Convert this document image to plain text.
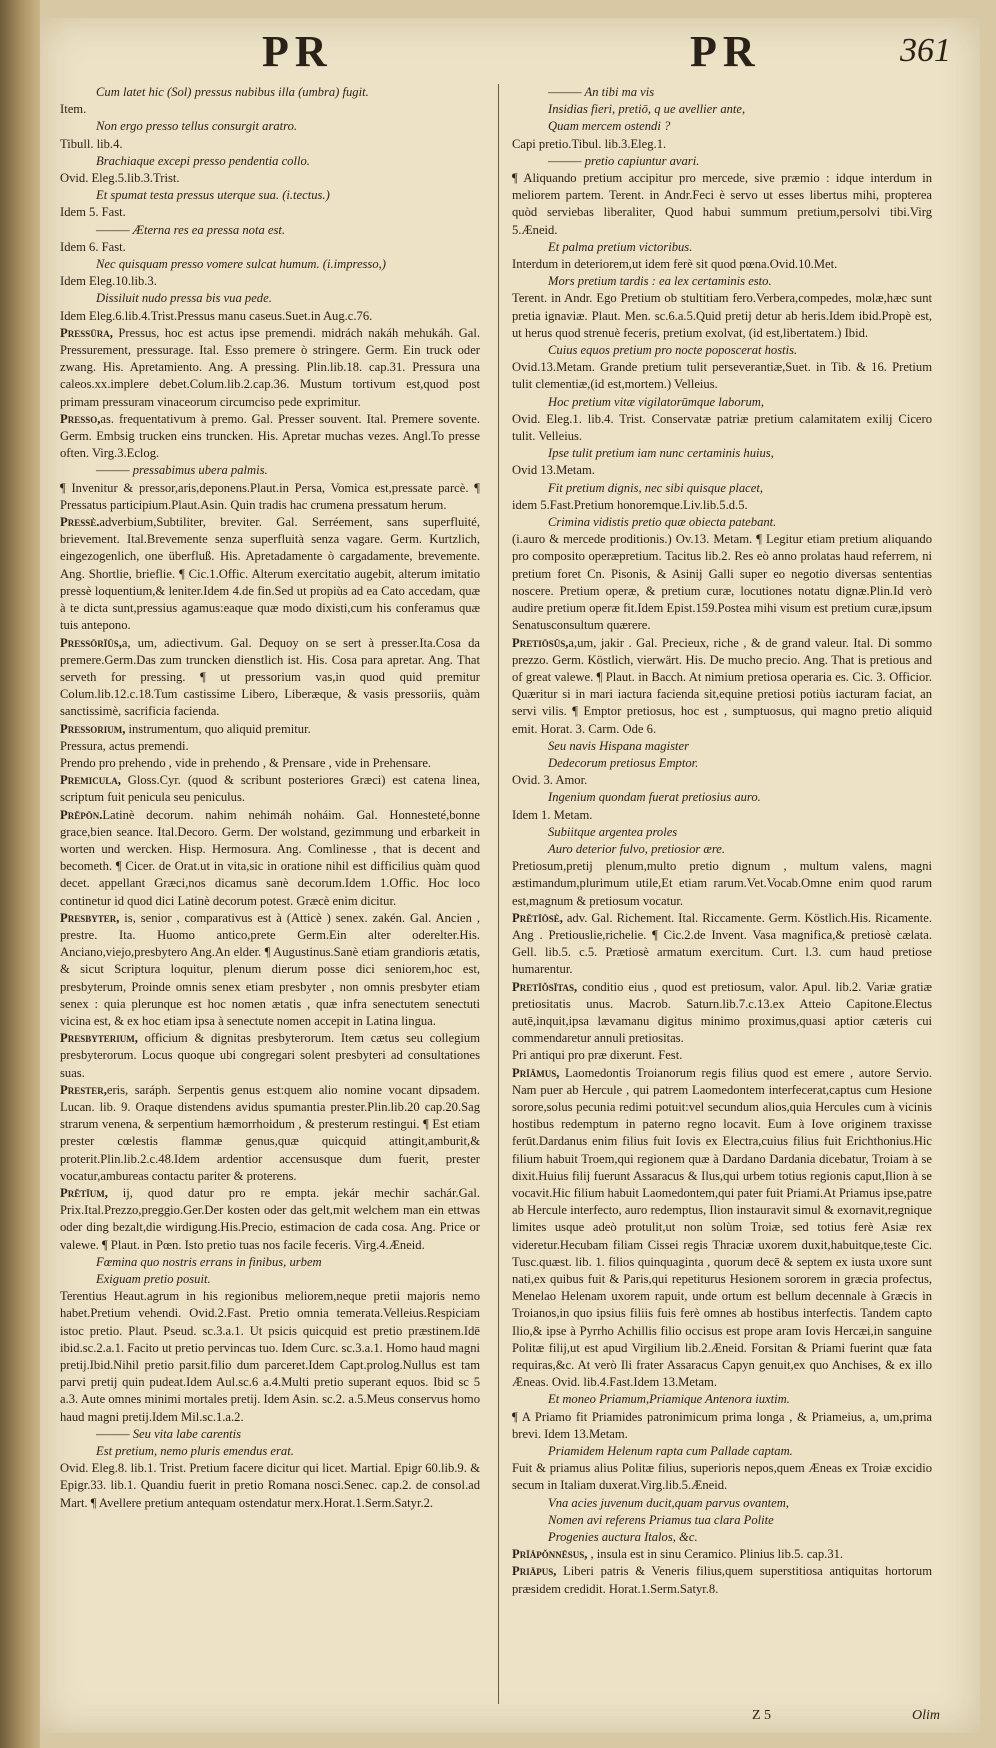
PR	PR	361

Cum latet hic (Sol) pressus nubibus illa (umbra) fugit.

Item.

Non ergo presso tellus consurgit aratro.

Tibull. lib.4.

Brachiaque excepi presso pendentia collo.

Ovid. Eleg.5.lib.3.Trist.

Et spumat testa pressus uterque sua. (i.tectus.)

Idem 5. Fast.

——— Æterna res ea pressa nota est.

Idem 6. Fast.

Nec quisquam presso vomere sulcat humum. (i.impresso,)

Idem Eleg.10.lib.3.

Dissiluit nudo pressa bis vua pede.

Idem Eleg.6.lib.4.Trist.Pressus manu caseus.Suet.in Aug.c.76.

Pressūra, Pressus, hoc est actus ipse premendi. midrách nakáh mehukáh. Gal. Pressurement, pressurage. Ital. Esso premere ò stringere. Germ. Ein truck oder zwang. His. Apretamiento. Ang. A pressing. Plin.lib.18. cap.31. Pressura una caleos.xx.implere debet.Colum.lib.2.cap.36. Mustum tortivum est,quod post primam pressuram vinaceorum circumciso pede exprimitur.

Presso,as. frequentativum à premo. Gal. Presser souvent. Ital. Premere sovente. Germ. Embsig trucken eins truncken. His. Apretar muchas vezes. Angl.To presse often. Virg.3.Eclog.

——— pressabimus ubera palmis.

¶ Invenitur & pressor,aris,deponens.Plaut.in Persa, Vomica est,pressate parcè. ¶ Pressatus participium.Plaut.Asin. Quin tradis hac crumena pressatum herum.

Pressè.adverbium,Subtiliter, breviter. Gal. Serréement, sans superfluité, brievement. Ital.Brevemente senza superfluità senza vagare. Germ. Kurtzlich, eingezogenlich, one überfluß. His. Apretadamente ò cargadamente, brevemente. Ang. Shortlie, brieflie. ¶ Cic.1.Offic. Alterum exercitatio augebit, alterum imitatio pressè loquentium,& leniter.Idem 4.de fin.Sed ut propiùs ad ea Cato accedam, quæ à te dicta sunt,pressius agamus:eaque quæ modo dixisti,cum his conferamus quæ tuis antepono.

Pressōrĭŭs,a, um, adiectivum. Gal. Dequoy on se sert à presser.Ita.Cosa da premere.Germ.Das zum truncken dienstlich ist. His. Cosa para apretar. Ang. That serveth for pressing. ¶ ut pressorium vas,in quod quid premitur Colum.lib.12.c.18.Tum castissime Libero, Liberæque, & vasis pressoriis, quàm sanctissimè, sacrificia facienda.

Pressorium, instrumentum, quo aliquid premitur.

Pressura, actus premendi.

Prendo pro prehendo , vide in prehendo , & Prensare , vide in Prehensare.

Premicula, Gloss.Cyr. (quod & scribunt posteriores Græci) est catena linea, scriptum fuit penicula seu peniculus.

Prĕpōn.Latinè decorum. nahim nehimáh noháim. Gal. Honnesteté,bonne grace,bien seance. Ital.Decoro. Germ. Der wolstand, gezimmung und erbarkeit in worten und wercken. Hisp. Hermosura. Ang. Comlinesse , that is decent and becometh. ¶ Cicer. de Orat.ut in vita,sic in oratione nihil est difficilius quàm quod decet. appellant Græci,nos dicamus sanè decorum.Idem 1.Offic. Hoc loco continetur id quod dici Latinè decorum potest. Græcè enim dicitur.

Presbyter, is, senior , comparativus est à (Atticè ) senex. zakén. Gal. Ancien , prestre. Ita. Huomo antico,prete Germ.Ein alter oderelter.His. Anciano,viejo,presbytero Ang.An elder. ¶ Augustinus.Sanè etiam grandioris ætatis, & sicut Scriptura loquitur, plenum dierum posse dici seniorem,hoc est, presbyterum, Proinde omnis senex etiam presbyter , non omnis presbyter etiam senex : quia plerunque est hoc nomen ætatis , quæ infra senectutem senectuti vicina est, & ex hoc etiam ipsa à senectute nomen accepit in Latina lingua.

Presbyterium, officium & dignitas presbyterorum. Item cætus seu collegium presbyterorum. Locus quoque ubi congregari solent presbyteri ad consultationes suas.

Prester,eris, saráph. Serpentis genus est:quem alio nomine vocant dipsadem. Lucan. lib. 9. Oraque distendens avidus spumantia prester.Plin.lib.20 cap.20.Sag strarum venena, & serpentium hæmorrhoidum , & presterum restingui. ¶ Est etiam prester cœlestis flammæ genus,quæ quicquid attingit,amburit,& proterit.Plin.lib.2.c.48.Idem ardentior accensusque dum fuerit, prester vocatur,ambureas contactu pariter & proterens.

Prĕtĭum, ij, quod datur pro re empta. jekár mechir sachár.Gal. Prix.Ital.Prezzo,preggio.Ger.Der kosten oder das gelt,mit welchem man ein ettwas oder ding bezalt,die wirdigung.His.Precio, estimacion de cada cosa. Ang. Price or valewe. ¶ Plaut. in Pœn. Isto pretio tuas nos facile feceris. Virg.4.Æneid.

Fœmina quo nostris errans in finibus, urbem

Exiguam pretio posuit.

Terentius Heaut.agrum in his regionibus meliorem,neque pretii majoris nemo habet.Pretium vehendi. Ovid.2.Fast. Pretio omnia temerata.Velleius.Respiciam istoc pretio. Plaut. Pseud. sc.3.a.1. Ut psicis quicquid est pretio præstinem.Idē ibid.sc.2.a.1. Facito ut pretio pervincas tuo. Idem Curc. sc.3.a.1. Homo haud magni pretij.Ibid.Nihil pretio parsit.filio dum parceret.Idem Capt.prolog.Nullus est tam parvi pretij quin pudeat.Idem Aul.sc.6 a.4.Multi pretio superant equos. Ibid sc 5 a.3. Aute omnes minimi mortales pretij. Idem Asin. sc.2. a.5.Meus conservus homo haud magni pretij.Idem Mil.sc.1.a.2.

——— Seu vita labe carentis

Est pretium, nemo pluris emendus erat.

Ovid. Eleg.8. lib.1. Trist. Pretium facere dicitur qui licet. Martial. Epigr 60.lib.9. & Epigr.33. lib.1. Quandiu fuerit in pretio Romana nosci.Senec. cap.2. de consol.ad Mart. ¶ Avellere pretium antequam ostendatur merx.Horat.1.Serm.Satyr.2.

——— An tibi ma vis

Insidias fieri, pretiō, q ue avellier ante,

Quam mercem ostendi ?

Capi pretio.Tibul. lib.3.Eleg.1.

——— pretio capiuntur avari.

¶ Aliquando pretium accipitur pro mercede, sive præmio : idque interdum in meliorem partem. Terent. in Andr.Feci è servo ut esses libertus mihi, propterea quòd serviebas liberaliter, Quod habui summum pretium,persolvi tibi.Virg 5.Æneid.

Et palma pretium victoribus.

Interdum in deteriorem,ut idem ferè sit quod pœna.Ovid.10.Met.

Mors pretium tardis : ea lex certaminis esto.

Terent. in Andr. Ego Pretium ob stultitiam fero.Verbera,compedes, molæ,hæc sunt pretia ignaviæ. Plaut. Men. sc.6.a.5.Quid pretij detur ab heris.Idem ibid.Propè est, ut herus quod strenuè feceris, pretium exolvat, (id est,libertatem.) Ibid.

Cuius equos pretium pro nocte poposcerat hostis.

Ovid.13.Metam. Grande pretium tulit perseverantiæ,Suet. in Tib. & 16. Pretium tulit clementiæ,(id est,mortem.) Velleius.

Hoc pretium vitæ vigilatorūmque laborum,

Ovid. Eleg.1. lib.4. Trist. Conservatæ patriæ pretium calamitatem exilij Cicero tulit. Velleius.

Ipse tulit pretium iam nunc certaminis huius,

Ovid 13.Metam.

Fit pretium dignis, nec sibi quisque placet,

idem 5.Fast.Pretium honoremque.Liv.lib.5.d.5.

Crimina vidistis pretio quæ obiecta patebant.

(i.auro & mercede proditionis.) Ov.13. Metam. ¶ Legitur etiam pretium aliquando pro composito operæpretium. Tacitus lib.2. Res eò anno prolatas haud referrem, ni pretium foret Cn. Pisonis, & Asinij Galli super eo negotio diversas sententias noscere. Pretium operæ, & pretium curæ, locutiones notatu dignæ.Plin.Id verò audire pretium operæ fit.Idem Epist.159.Postea mihi visum est pretium curæ,ipsum Senatusconsultum quærere.

Pretiōsŭs,a,um, jakir . Gal. Precieux, riche , & de grand valeur. Ital. Di sommo prezzo. Germ. Köstlich, vierwärt. His. De mucho precio. Ang. That is pretious and of great valewe. ¶ Plaut. in Bacch. At nimium pretiosa operaria es. Cic. 3. Officior. Quæritur si in mari iactura facienda sit,equine pretiosi potiùs iacturam faciat, an servi vilis. ¶ Emptor pretiosus, hoc est , sumptuosus, qui magno pretio aliquid emit. Horat. 3. Carm. Ode 6.

Seu navis Hispana magister

Dedecorum pretiosus Emptor.

Ovid. 3. Amor.

Ingenium quondam fuerat pretiosius auro.

Idem 1. Metam.

Subiitque argentea proles

Auro deterior fulvo, pretiosior ære.

Pretiosum,pretij plenum,multo pretio dignum , multum valens, magni æstimandum,plurimum utile,Et etiam rarum.Vet.Vocab.Omne enim quod rarum est,magnum & pretiosum vocatur.

Prĕtĭōsè, adv. Gal. Richement. Ital. Riccamente. Germ. Köstlich.His. Ricamente. Ang . Pretiouslie,richelie. ¶ Cic.2.de Invent. Vasa magnifica,& pretiosè cælata. Gell. lib.5. c.5. Prætiosè armatum exercitum. Curt. l.3. cum haud pretiose humarentur.

Pretĭŏsĭtas, conditio eius , quod est pretiosum, valor. Apul. lib.2. Variæ gratiæ pretiositatis unus. Macrob. Saturn.lib.7.c.13.ex Atteio Capitone.Electus autē,inquit,ipsa lævamanu digitus minimo proximus,quasi aptior cæteris cui commendaretur annuli pretiositas.

Pri antiqui pro præ dixerunt. Fest.

Prĭămus, Laomedontis Troianorum regis filius quod est emere , autore Servio. Nam puer ab Hercule , qui patrem Laomedontem interfecerat,captus cum Hesione sorore,solus pecunia redimi potuit:vel secundum alios,quia Hercules cum à vicinis hostibus redemptum in paterno regno locavit. Eum à Iove originem traxisse ferūt.Dardanus enim filius fuit Iovis ex Electra,cuius filius fuit Erichthonius.Hic filium habuit Troem,qui regionem quæ à Dardano Dardania dicebatur, Troiam à se dixit.Huius filij fuerunt Assaracus & Ilus,qui urbem totius regionis caput,Ilion à se vocavit.Hic filium habuit Laomedontem,qui pater fuit Priami.At Priamus ipse,patre ab Hercule interfecto, auro redemptus, Ilion instauravit simul & exornavit,regnique limites usque adeò protulit,ut non solùm Troiæ, sed totius ferè Asiæ rex videretur.Hecubam filiam Cissei regis Thraciæ uxorem duxit,habuitque,teste Cic. Tusc.quæst. lib. 1. filios quinquaginta , quorum decē & septem ex iusta uxore sunt nati,ex quibus fuit & Paris,qui repetiturus Hesionem sororem in græcia profectus, Menelao Helenam uxorem rapuit, unde ortum est bellum decennale à Græcis in Troianos,in quo ipsius filiis fuis ferè omnes ab hostibus interfectis. Tandem capto Ilio,& ipse à Pyrrho Achillis filio occisus est prope aram Iovis Hercæi,in sanguine Politæ filij,ut est apud Virgilium lib.2.Æneid. Forsitan & Priami fuerint quæ fata requiras,&c. At verò Ili frater Assaracus Capyn genuit,ex quo Anchises, & ex illo Æneas. Ovid. lib.4.Fast.Idem 13.Metam.

Et moneo Priamum,Priamique Antenora iuxtim.

¶ A Priamo fit Priamides patronimicum prima longa , & Priameius, a, um,prima brevi. Idem 13.Metam.

Priamidem Helenum rapta cum Pallade captam.

Fuit & priamus alius Politæ filius, superioris nepos,quem Æneas ex Troiæ excidio secum in Italiam duxerat.Virg.lib.5.Æneid.

Vna acies juvenum ducit,quam parvus ovantem,

Nomen avi referens Priamus tua clara Polite

Progenies auctura Italos, &c.

Prĭāpŏnnēsus, , insula est in sinu Ceramico. Plinius lib.5. cap.31.

Priāpus, Liberi patris & Veneris filius,quem superstitiosa antiquitas hortorum præsidem credidit. Horat.1.Serm.Satyr.8.

Z 5	Olim
